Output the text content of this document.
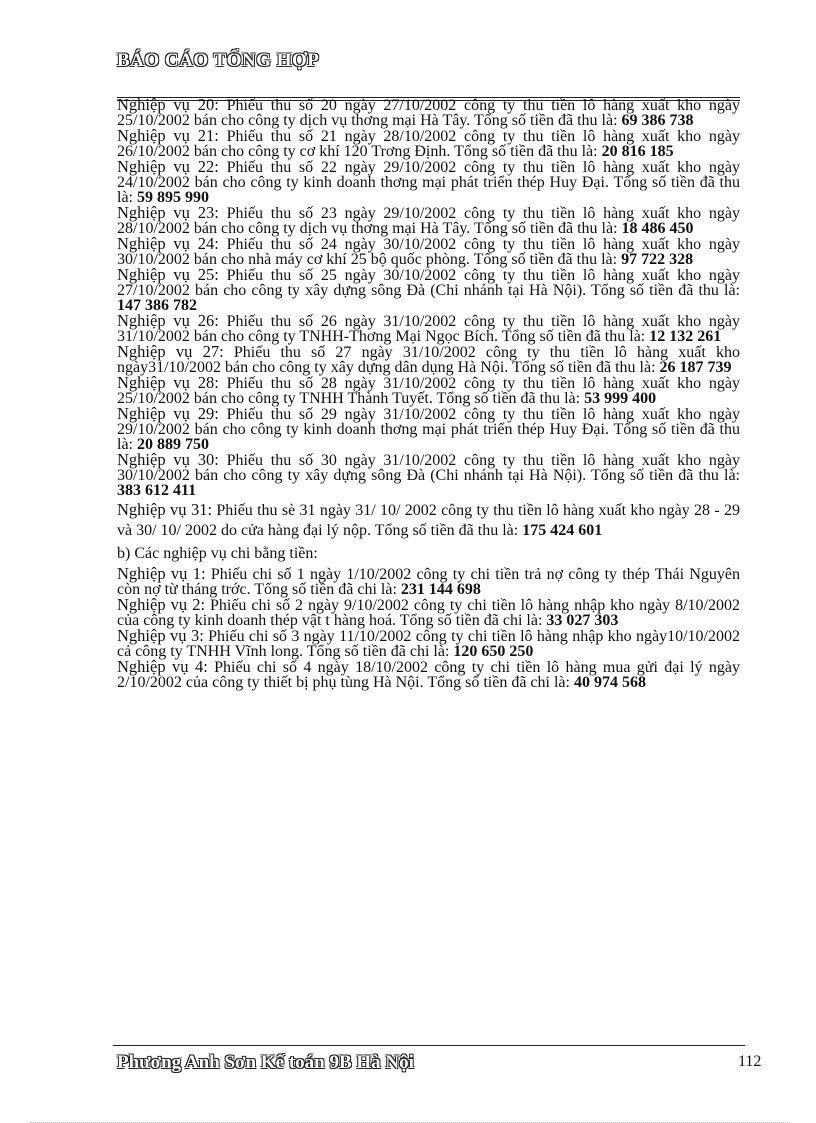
BÁO CÁO TỔNG HỢP

Nghiệp vụ 20: Phiếu thu số 20 ngày 27/10/2002 công ty thu tiền lô hàng xuất kho ngày 25/10/2002 bán cho công ty dịch vụ thơng mại Hà Tây. Tổng số tiền đã thu là: 69 386 738

Nghiệp vụ 21: Phiếu thu số 21 ngày 28/10/2002 công ty thu tiền lô hàng xuất kho ngày 26/10/2002 bán cho công ty cơ khí 120 Trơng Định. Tổng số tiền đã thu là: 20 816 185

Nghiệp vụ 22: Phiếu thu số 22 ngày 29/10/2002 công ty thu tiền lô hàng xuất kho ngày 24/10/2002 bán cho công ty kinh doanh thơng mại phát triển thép Huy Đại. Tổng số tiền đã thu là: 59 895 990

Nghiệp vụ 23: Phiếu thu số 23 ngày 29/10/2002 công ty thu tiền lô hàng xuất kho ngày 28/10/2002 bán cho công ty dịch vụ thơng mại Hà Tây. Tổng số tiền đã thu là: 18 486 450

Nghiệp vụ 24: Phiếu thu số 24 ngày 30/10/2002 công ty thu tiền lô hàng xuất kho ngày 30/10/2002 bán cho nhà máy cơ khí 25 bộ quốc phòng. Tổng số tiền đã thu là: 97 722 328

Nghiệp vụ 25: Phiếu thu số 25 ngày 30/10/2002 công ty thu tiền lô hàng xuất kho ngày 27/10/2002 bán cho công ty xây dựng sông Đà (Chi nhánh tại Hà Nội). Tổng số tiền đã thu là: 147 386 782

Nghiệp vụ 26: Phiếu thu số 26 ngày 31/10/2002 công ty thu tiền lô hàng xuất kho ngày 31/10/2002 bán cho công ty TNHH-Thơng Mại Ngọc Bích. Tổng số tiền đã thu là: 12 132 261

Nghiệp vụ 27: Phiếu thu số 27 ngày 31/10/2002 công ty thu tiền lô hàng xuất kho ngày31/10/2002 bán cho công ty xây dựng dân dụng Hà Nội. Tổng số tiền đã thu là: 26 187 739

Nghiệp vụ 28: Phiếu thu số 28 ngày 31/10/2002 công ty thu tiền lô hàng xuất kho ngày 25/10/2002 bán cho công ty TNHH Thành Tuyết. Tổng số tiền đã thu là: 53 999 400

Nghiệp vụ 29: Phiếu thu số 29 ngày 31/10/2002 công ty thu tiền lô hàng xuất kho ngày 29/10/2002 bán cho công ty kinh doanh thơng mại phát triển thép Huy Đại. Tổng số tiền đã thu là: 20 889 750

Nghiệp vụ 30: Phiếu thu số 30 ngày 31/10/2002 công ty thu tiền lô hàng xuất kho ngày 30/10/2002 bán cho công ty xây dựng sông Đà (Chi nhánh tại Hà Nội). Tổng số tiền đã thu là: 383 612 411

Nghiệp vụ 31: Phiếu thu sè 31 ngày 31/ 10/ 2002 công ty thu tiền lô hàng xuất kho ngày 28 - 29 và 30/ 10/ 2002 do cửa hàng đại lý nộp. Tổng số tiền đã thu là: 175 424 601

b) Các nghiệp vụ chi bằng tiền:

Nghiệp vụ 1: Phiếu chi số 1 ngày 1/10/2002 công ty chi tiền trả nợ công ty thép Thái Nguyên còn nợ từ tháng trớc. Tổng số tiền đã chi là: 231 144 698

Nghiệp vụ 2: Phiếu chi số 2 ngày 9/10/2002 công ty chi tiền lô hàng nhập kho ngày 8/10/2002 của công ty kinh doanh thép vật t hàng hoá. Tổng số tiền đã chi là: 33 027 303

Nghiệp vụ 3: Phiếu chi số 3 ngày 11/10/2002 công ty chi tiền lô hàng nhập kho ngày10/10/2002 cả công ty TNHH Vĩnh long. Tổng số tiền đã chi là: 120 650 250

Nghiệp vụ 4: Phiếu chi số 4 ngày 18/10/2002 công ty chi tiền lô hàng mua gửi đại lý ngày 2/10/2002 của công ty thiết bị phụ tùng Hà Nội. Tổng số tiền đã chi là: 40 974 568

Phương Anh Sơn Kế toán 9B Hà Nội	112
